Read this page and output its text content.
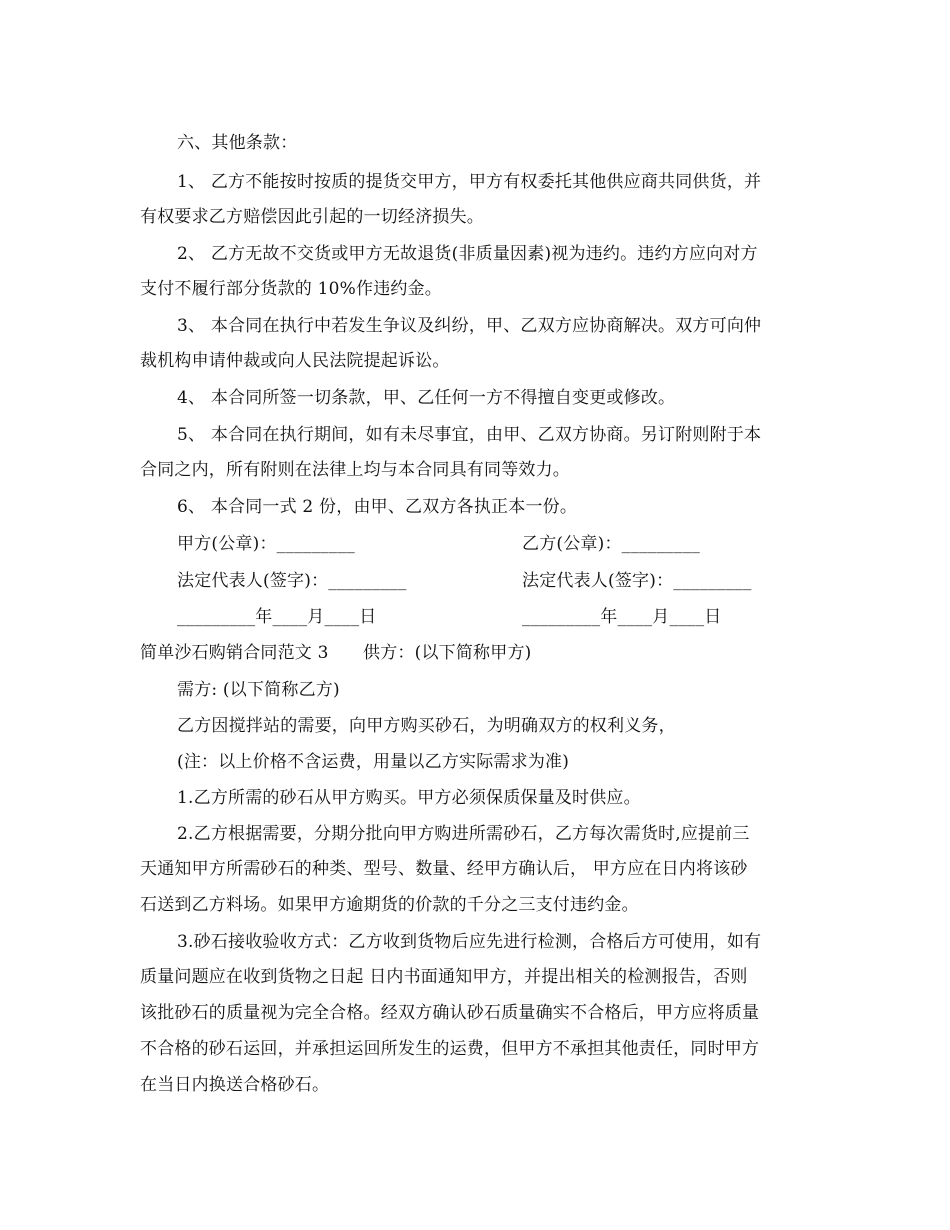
六、其他条款：
1、 乙方不能按时按质的提货交甲方，甲方有权委托其他供应商共同供货，并
有权要求乙方赔偿因此引起的一切经济损失。
2、 乙方无故不交货或甲方无故退货(非质量因素)视为违约。违约方应向对方
支付不履行部分货款的 10%作违约金。
3、 本合同在执行中若发生争议及纠纷，甲、乙双方应协商解决。双方可向仲
裁机构申请仲裁或向人民法院提起诉讼。
4、 本合同所签一切条款，甲、乙任何一方不得擅自变更或修改。
5、 本合同在执行期间，如有未尽事宜，由甲、乙双方协商。另订附则附于本
合同之内，所有附则在法律上均与本合同具有同等效力。
6、 本合同一式 2 份，由甲、乙双方各执正本一份。
甲方(公章)：_________	乙方(公章)：_________
法定代表人(签字)：_________	法定代表人(签字)：_________
_________年____月____日	_________年____月____日
简单沙石购销合同范文 3　　供方：(以下简称甲方)
需方: (以下简称乙方)
乙方因搅拌站的需要，向甲方购买砂石，为明确双方的权利义务，
(注：以上价格不含运费，用量以乙方实际需求为准)
1.乙方所需的砂石从甲方购买。甲方必须保质保量及时供应。
2.乙方根据需要，分期分批向甲方购进所需砂石，乙方每次需货时,应提前三
天通知甲方所需砂石的种类、型号、数量、经甲方确认后， 甲方应在日内将该砂
石送到乙方料场。如果甲方逾期货的价款的千分之三支付违约金。
3.砂石接收验收方式：乙方收到货物后应先进行检测，合格后方可使用，如有
质量问题应在收到货物之日起 日内书面通知甲方，并提出相关的检测报告，否则
该批砂石的质量视为完全合格。经双方确认砂石质量确实不合格后，甲方应将质量
不合格的砂石运回，并承担运回所发生的运费，但甲方不承担其他责任，同时甲方
在当日内换送合格砂石。
